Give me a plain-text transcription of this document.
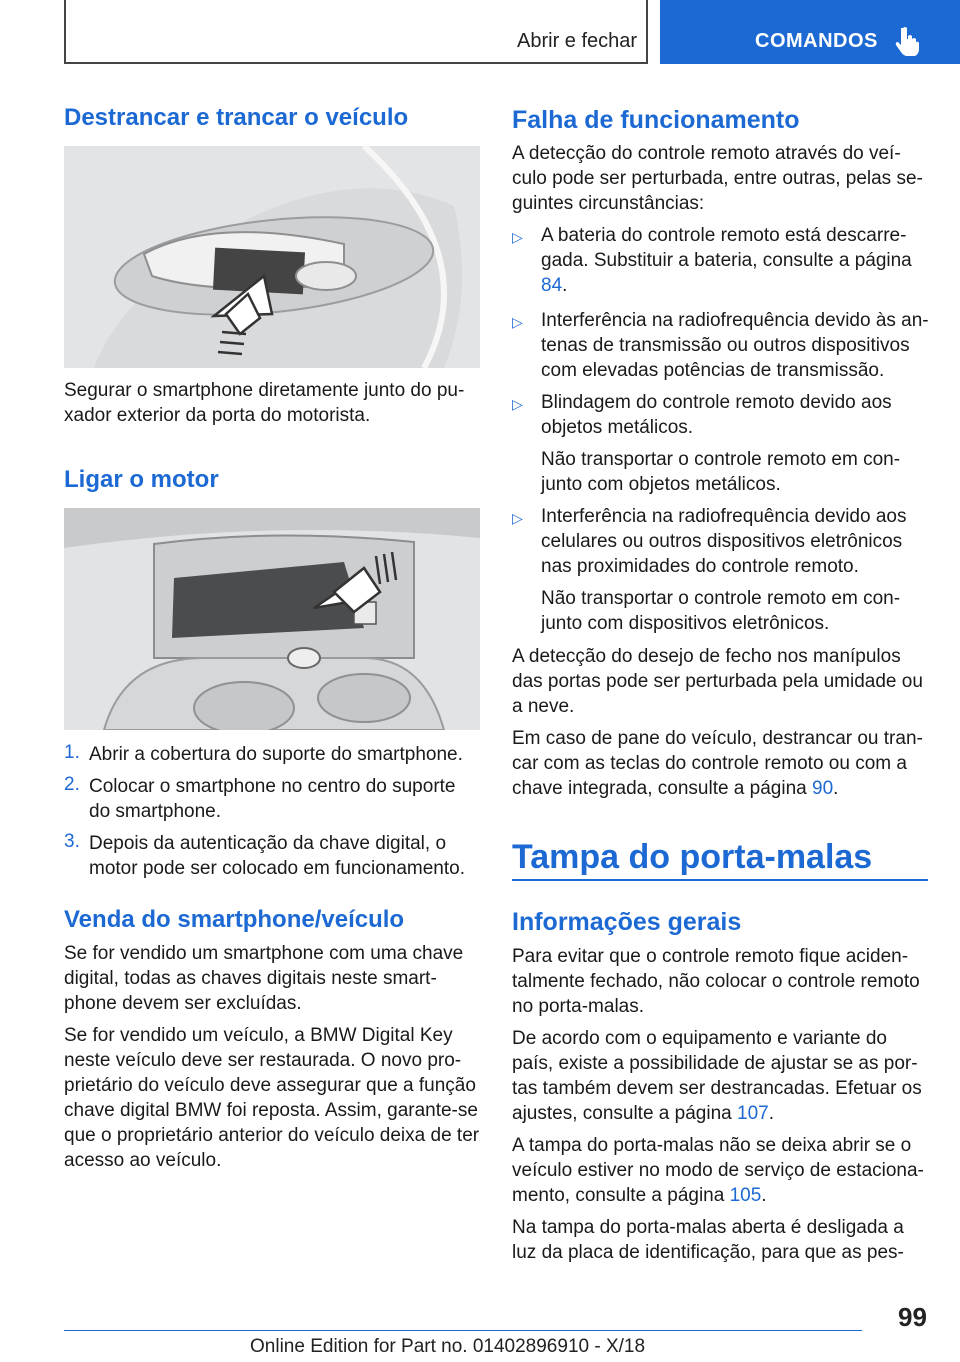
Abrir e fechar	COMANDOS
Destrancar e trancar o veículo

Segurar o smartphone diretamente junto do pu-
xador exterior da porta do motorista.

Ligar o motor
1. Abrir a cobertura do suporte do smartphone.

2. Colocar o smartphone no centro do suporte
do smartphone.

3. Depois da autenticação da chave digital, o
motor pode ser colocado em funcionamento.

Venda do smartphone/veículo

Se for vendido um smartphone com uma chave
digital, todas as chaves digitais neste smart-
phone devem ser excluídas.

Se for vendido um veículo, a BMW Digital Key
neste veículo deve ser restaurada. O novo pro-
prietário do veículo deve assegurar que a função
chave digital BMW foi reposta. Assim, garante-se
que o proprietário anterior do veículo deixa de ter
acesso ao veículo.

Falha de funcionamento

A detecção do controle remoto através do veí-
culo pode ser perturbada, entre outras, pelas se-
guintes circunstâncias:

▷ A bateria do controle remoto está descarre-
gada. Substituir a bateria, consulte a página
84.

▷ Interferência na radiofrequência devido às an-
tenas de transmissão ou outros dispositivos
com elevadas potências de transmissão.

▷ Blindagem do controle remoto devido aos
objetos metálicos.

Não transportar o controle remoto em con-
junto com objetos metálicos.

▷ Interferência na radiofrequência devido aos
celulares ou outros dispositivos eletrônicos
nas proximidades do controle remoto.

Não transportar o controle remoto em con-
junto com dispositivos eletrônicos.

A detecção do desejo de fecho nos manípulos
das portas pode ser perturbada pela umidade ou
a neve.

Em caso de pane do veículo, destrancar ou tran-
car com as teclas do controle remoto ou com a
chave integrada, consulte a página 90.

Tampa do porta-malas
Informações gerais

Para evitar que o controle remoto fique aciden-
talmente fechado, não colocar o controle remoto
no porta-malas.

De acordo com o equipamento e variante do
país, existe a possibilidade de ajustar se as por-
tas também devem ser destrancadas. Efetuar os
ajustes, consulte a página 107.

A tampa do porta-malas não se deixa abrir se o
veículo estiver no modo de serviço de estaciona-
mento, consulte a página 105.

Na tampa do porta-malas aberta é desligada a
luz da placa de identificação, para que as pes-

99
Online Edition for Part no. 01402896910 - X/18
